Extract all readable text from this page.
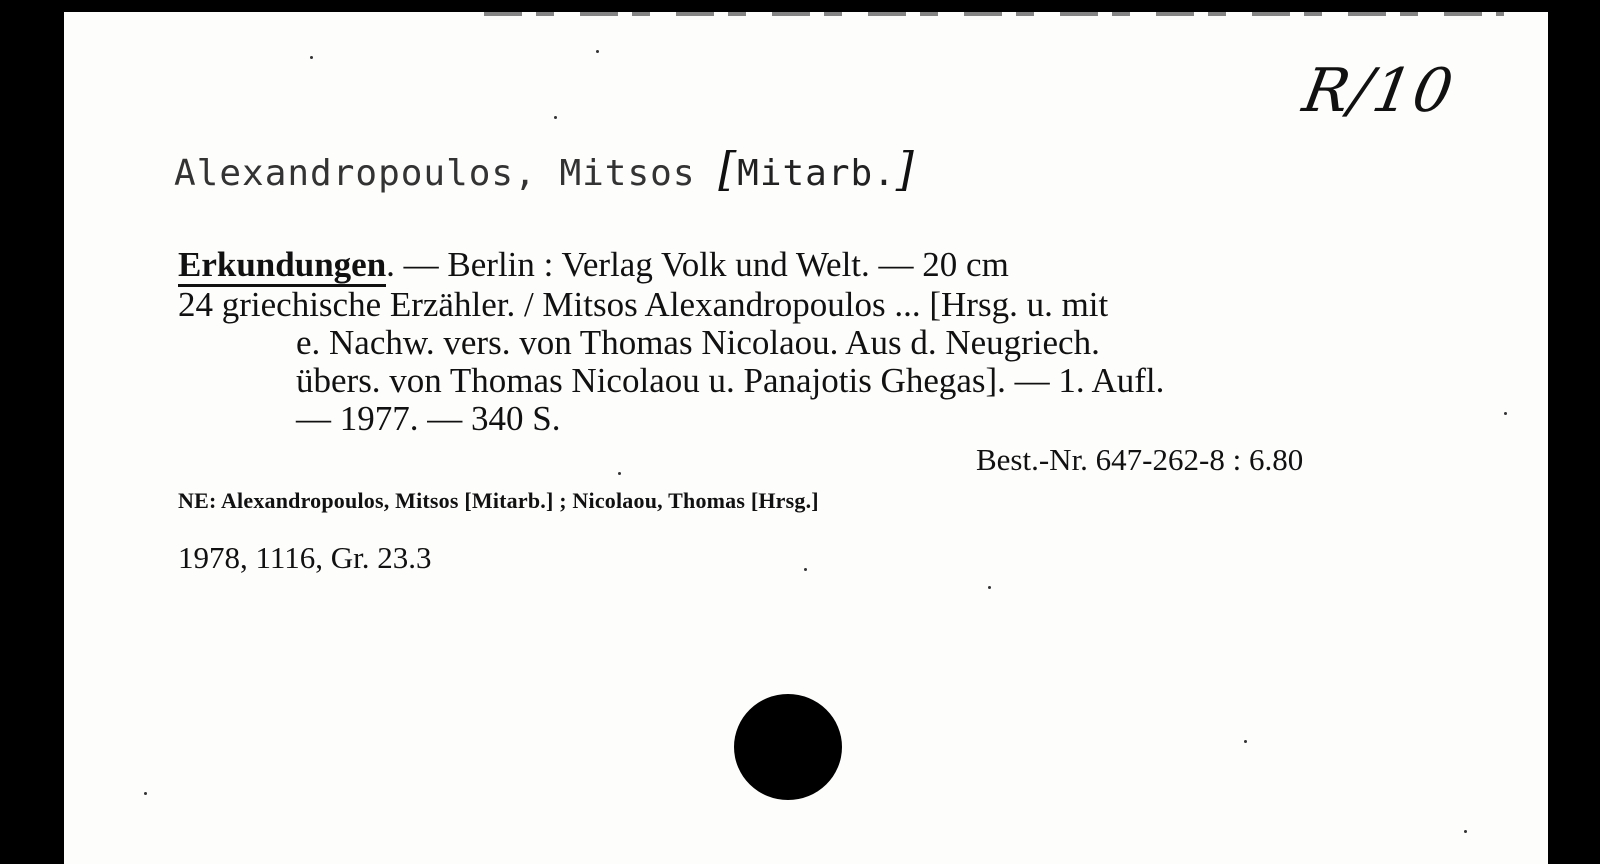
R/10
Alexandropoulos, Mitsos [Mitarb.]
Erkundungen. — Berlin : Verlag Volk und Welt. — 20 cm
24 griechische Erzähler. / Mitsos Alexandropoulos ... [Hrsg. u. mit
e. Nachw. vers. von Thomas Nicolaou. Aus d. Neugriech.
übers. von Thomas Nicolaou u. Panajotis Ghegas]. — 1. Aufl.
— 1977. — 340 S.
Best.-Nr. 647-262-8 : 6.80
NE: Alexandropoulos, Mitsos [Mitarb.] ; Nicolaou, Thomas [Hrsg.]
1978, 1116, Gr. 23.3
